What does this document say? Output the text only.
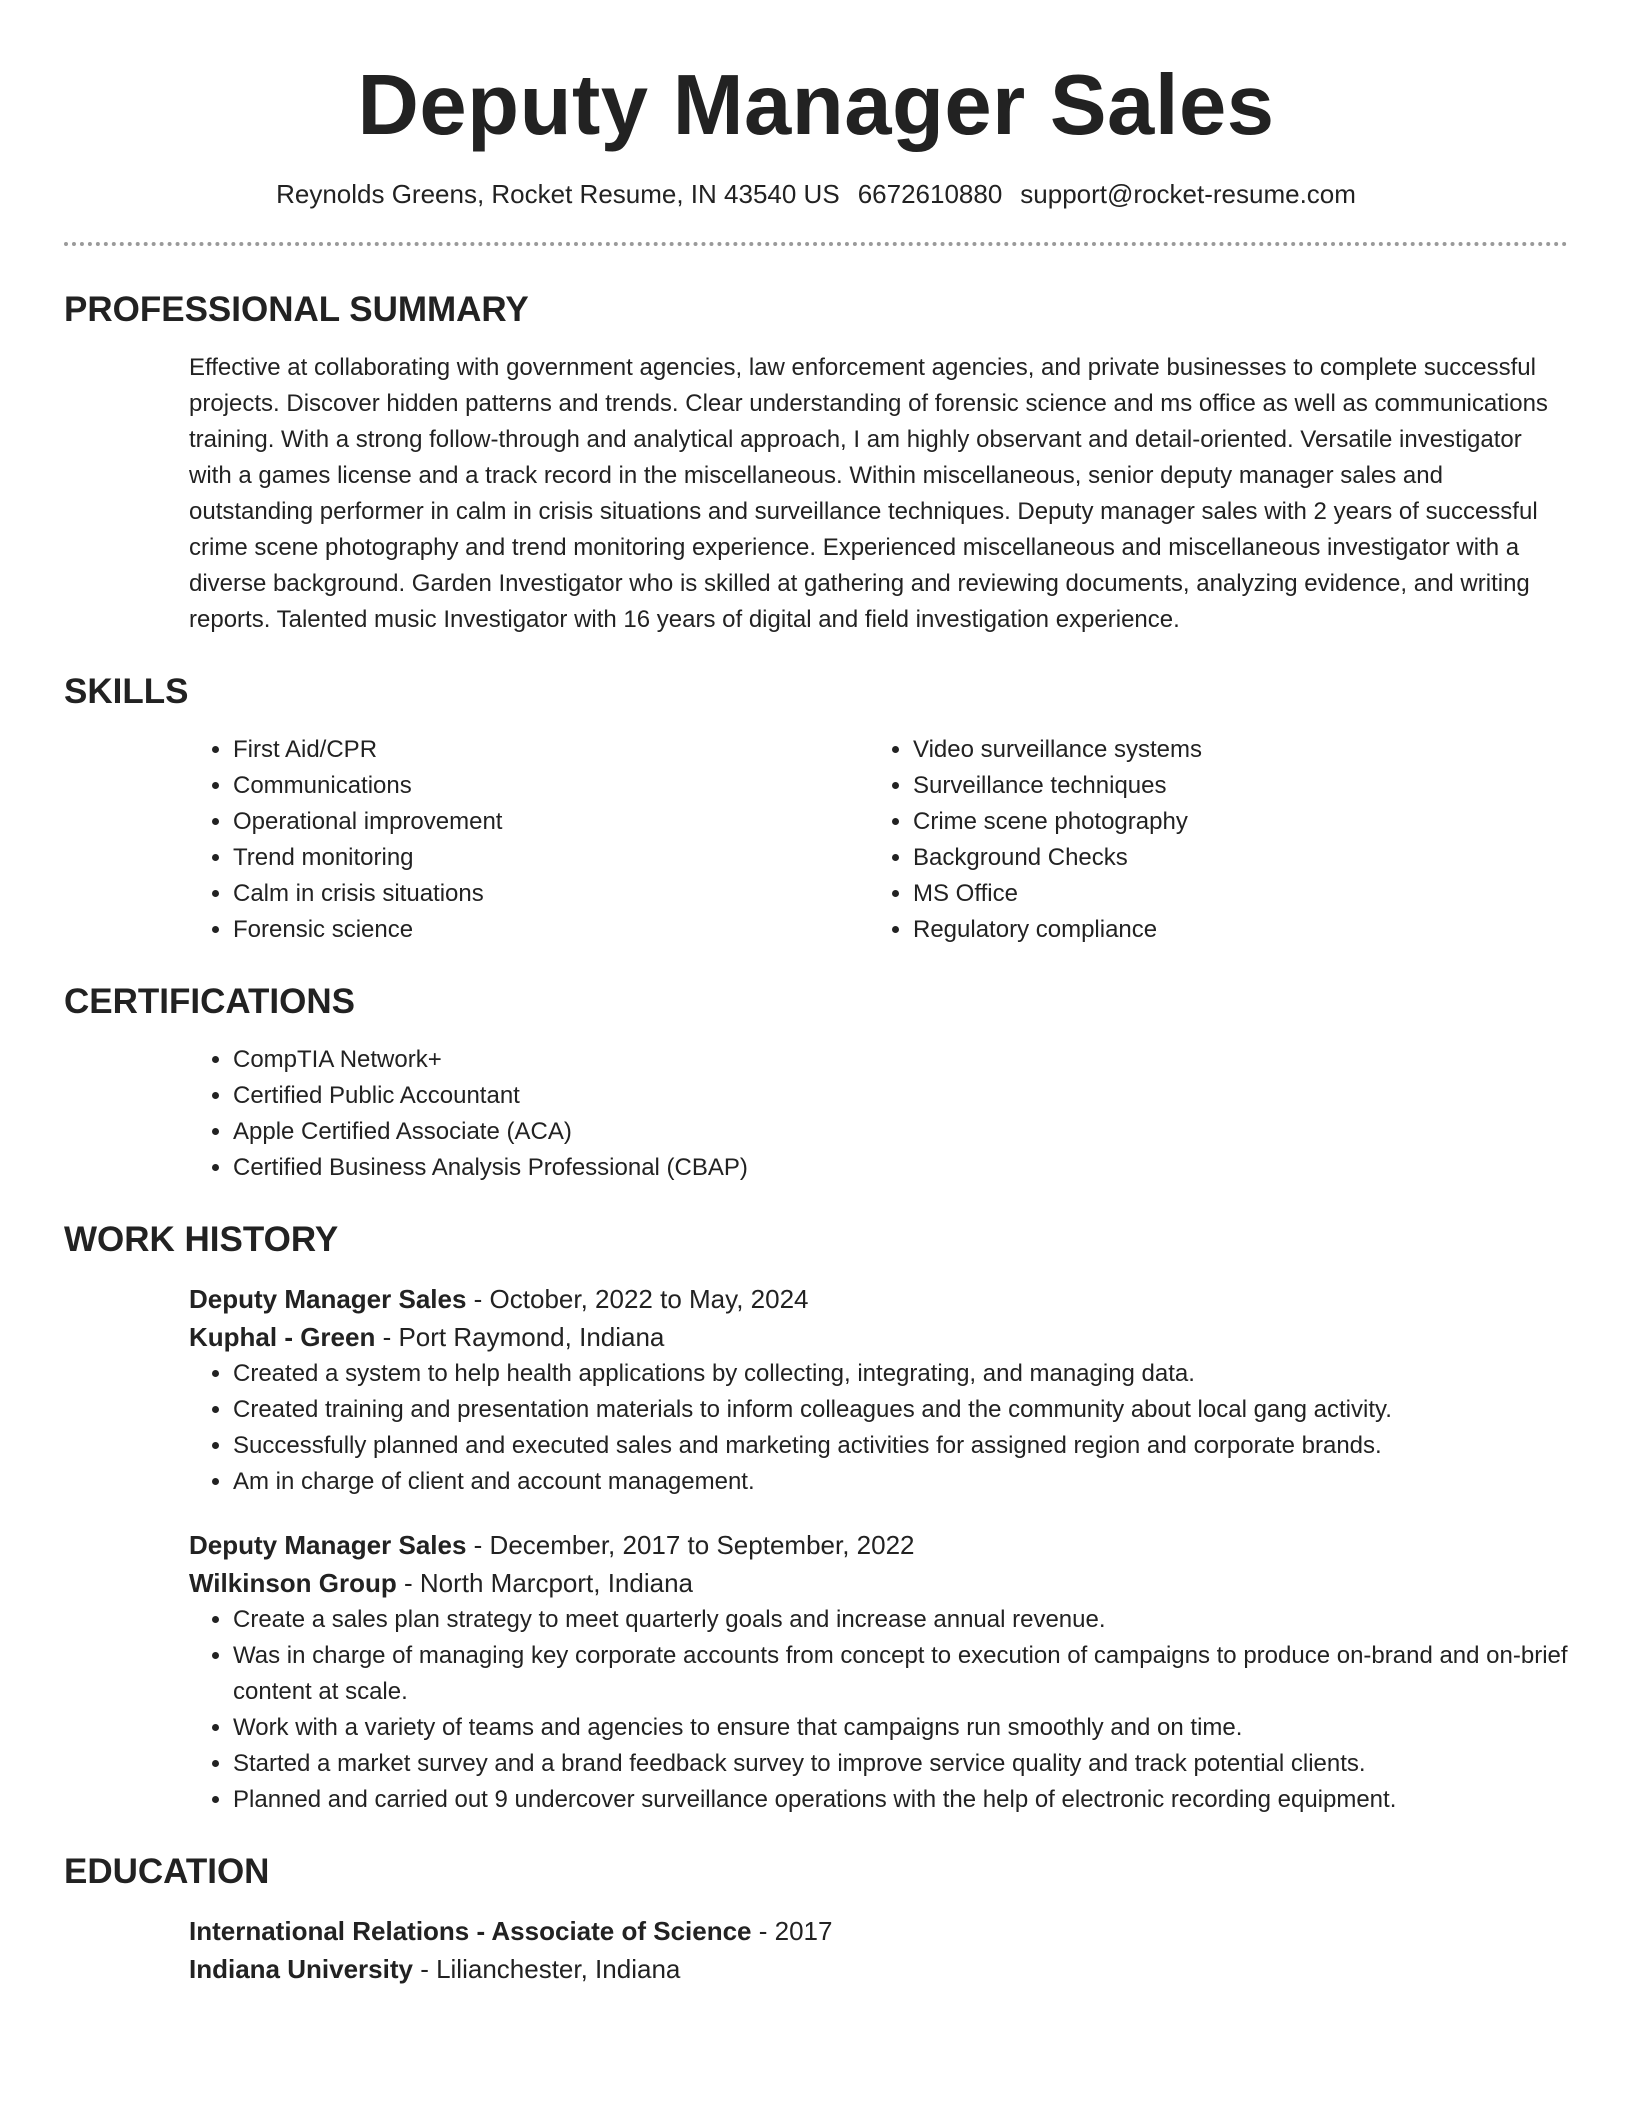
Deputy Manager Sales
Reynolds Greens, Rocket Resume, IN 43540 US 6672610880 support@rocket-resume.com
PROFESSIONAL SUMMARY
Effective at collaborating with government agencies, law enforcement agencies, and private businesses to complete successful projects. Discover hidden patterns and trends. Clear understanding of forensic science and ms office as well as communications training. With a strong follow-through and analytical approach, I am highly observant and detail-oriented. Versatile investigator with a games license and a track record in the miscellaneous. Within miscellaneous, senior deputy manager sales and outstanding performer in calm in crisis situations and surveillance techniques. Deputy manager sales with 2 years of successful crime scene photography and trend monitoring experience. Experienced miscellaneous and miscellaneous investigator with a diverse background. Garden Investigator who is skilled at gathering and reviewing documents, analyzing evidence, and writing reports. Talented music Investigator with 16 years of digital and field investigation experience.
SKILLS
• First Aid/CPR
• Communications
• Operational improvement
• Trend monitoring
• Calm in crisis situations
• Forensic science
• Video surveillance systems
• Surveillance techniques
• Crime scene photography
• Background Checks
• MS Office
• Regulatory compliance
CERTIFICATIONS
• CompTIA Network+
• Certified Public Accountant
• Apple Certified Associate (ACA)
• Certified Business Analysis Professional (CBAP)
WORK HISTORY
Deputy Manager Sales - October, 2022 to May, 2024
Kuphal - Green - Port Raymond, Indiana
• Created a system to help health applications by collecting, integrating, and managing data.
• Created training and presentation materials to inform colleagues and the community about local gang activity.
• Successfully planned and executed sales and marketing activities for assigned region and corporate brands.
• Am in charge of client and account management.
Deputy Manager Sales - December, 2017 to September, 2022
Wilkinson Group - North Marcport, Indiana
• Create a sales plan strategy to meet quarterly goals and increase annual revenue.
• Was in charge of managing key corporate accounts from concept to execution of campaigns to produce on-brand and on-brief content at scale.
• Work with a variety of teams and agencies to ensure that campaigns run smoothly and on time.
• Started a market survey and a brand feedback survey to improve service quality and track potential clients.
• Planned and carried out 9 undercover surveillance operations with the help of electronic recording equipment.
EDUCATION
International Relations - Associate of Science - 2017
Indiana University - Lilianchester, Indiana
